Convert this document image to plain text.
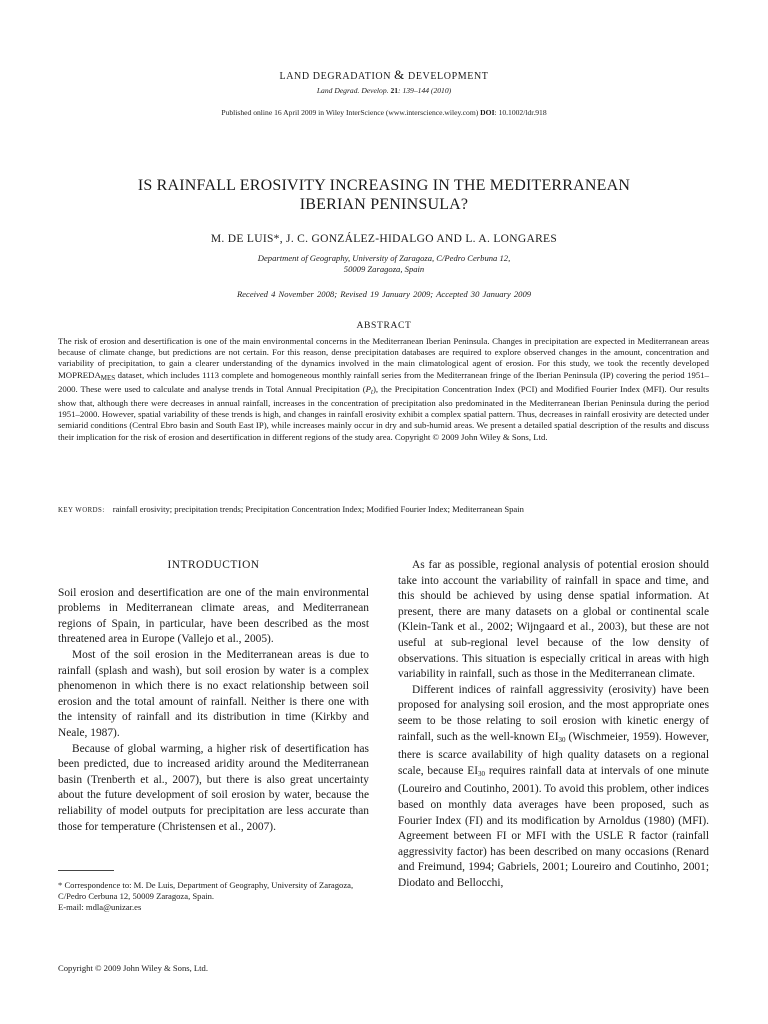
LAND DEGRADATION & DEVELOPMENT
Land Degrad. Develop. 21: 139–144 (2010)
Published online 16 April 2009 in Wiley InterScience (www.interscience.wiley.com) DOI: 10.1002/ldr.918
IS RAINFALL EROSIVITY INCREASING IN THE MEDITERRANEAN
IBERIAN PENINSULA?
M. DE LUIS*, J. C. GONZÁLEZ-HIDALGO AND L. A. LONGARES
Department of Geography, University of Zaragoza, C/Pedro Cerbuna 12,
50009 Zaragoza, Spain
Received 4 November 2008; Revised 19 January 2009; Accepted 30 January 2009
ABSTRACT
The risk of erosion and desertification is one of the main environmental concerns in the Mediterranean Iberian Peninsula. Changes in precipitation are expected in Mediterranean areas because of climate change, but predictions are not certain. For this reason, dense precipitation databases are required to explore observed changes in the amount, concentration and variability of precipitation, to gain a clearer understanding of the dynamics involved in the main climatological agent of erosion. For this study, we took the recently developed $MOPREDA_{MES}$ dataset, which includes 1113 complete and homogeneous monthly rainfall series from the Mediterranean fringe of the Iberian Peninsula (IP) covering the period 1951–2000. These were used to calculate and analyse trends in Total Annual Precipitation $(P_t)$, the Precipitation Concentration Index (PCI) and Modified Fourier Index (MFI). Our results show that, although there were decreases in annual rainfall, increases in the concentration of precipitation also predominated in the Mediterranean Iberian Peninsula during the period 1951–2000. However, spatial variability of these trends is high, and changes in rainfall erosivity exhibit a complex spatial pattern. Thus, decreases in rainfall erosivity are detected under semiarid conditions (Central Ebro basin and South East IP), while increases mainly occur in dry and sub-humid areas. We present a detailed spatial description of the results and discuss their implication for the risk of erosion and desertification in different regions of the study area. Copyright © 2009 John Wiley & Sons, Ltd.
KEY WORDS: rainfall erosivity; precipitation trends; Precipitation Concentration Index; Modified Fourier Index; Mediterranean Spain

INTRODUCTION

Soil erosion and desertification are one of the main environmental problems in Mediterranean climate areas, and Mediterranean regions of Spain, in particular, have been described as the most threatened area in Europe (Vallejo et al., 2005).

Most of the soil erosion in the Mediterranean areas is due to rainfall (splash and wash), but soil erosion by water is a complex phenomenon in which there is no exact relationship between soil erosion and the total amount of rainfall. Neither is there one with the intensity of rainfall and its distribution in time (Kirkby and Neale, 1987).

Because of global warming, a higher risk of desertification has been predicted, due to increased aridity around the Mediterranean basin (Trenberth et al., 2007), but there is also great uncertainty about the future development of soil erosion by water, because the reliability of model outputs for precipitation are less accurate than those for temperature (Christensen et al., 2007).

As far as possible, regional analysis of potential erosion should take into account the variability of rainfall in space and time, and this should be achieved by using dense spatial information. At present, there are many datasets on a global or continental scale (Klein-Tank et al., 2002; Wijngaard et al., 2003), but these are not useful at sub-regional level because of the low density of observations. This situation is especially critical in areas with high variability in rainfall, such as those in the Mediterranean climate.

Different indices of rainfall aggressivity (erosivity) have been proposed for analysing soil erosion, and the most appropriate ones seem to be those relating to soil erosion with kinetic energy of rainfall, such as the well-known $EI_{30}$ (Wischmeier, 1959). However, there is scarce availability of high quality datasets on a regional scale, because $EI_{30}$ requires rainfall data at intervals of one minute (Loureiro and Coutinho, 2001). To avoid this problem, other indices based on monthly data averages have been proposed, such as Fourier Index (FI) and its modification by Arnoldus (1980) (MFI). Agreement between FI or MFI with the USLE R factor (rainfall aggressivity factor) has been described on many occasions (Renard and Freimund, 1994; Gabriels, 2001; Loureiro and Coutinho, 2001; Diodato and Bellocchi,

* Correspondence to: M. De Luis, Department of Geography, University of Zaragoza, C/Pedro Cerbuna 12, 50009 Zaragoza, Spain.
E-mail: mdla@unizar.es
Copyright © 2009 John Wiley & Sons, Ltd.
